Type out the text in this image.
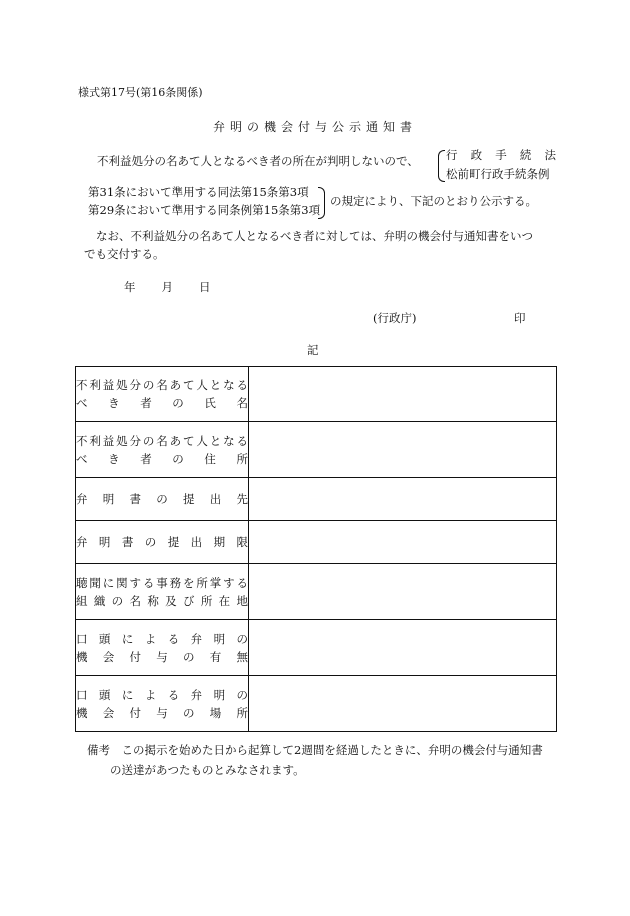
様式第17号(第16条関係)
弁明の機会付与公示通知書
不利益処分の名あて人となるべき者の所在が判明しないので、 行政手続法
松前町行政手続条例
第31条において準用する同法第15条第3項
第29条において準用する同条例第15条第3項
の規定により、下記のとおり公示する。
なお、不利益処分の名あて人となるべき者に対しては、弁明の機会付与通知書をいつ
でも交付する。
年 月 日
(行政庁)	印
記
不利益処分の名あて人となる
べき者の氏名	

不利益処分の名あて人となる
べき者の住所	

弁明書の提出先	

弁明書の提出期限	

聴聞に関する事務を所掌する
組織の名称及び所在地	

口頭による弁明の
機会付与の有無	

口頭による弁明の
機会付与の場所	

備考　この掲示を始めた日から起算して2週間を経過したときに、弁明の機会付与通知書
の送達があつたものとみなされます。
